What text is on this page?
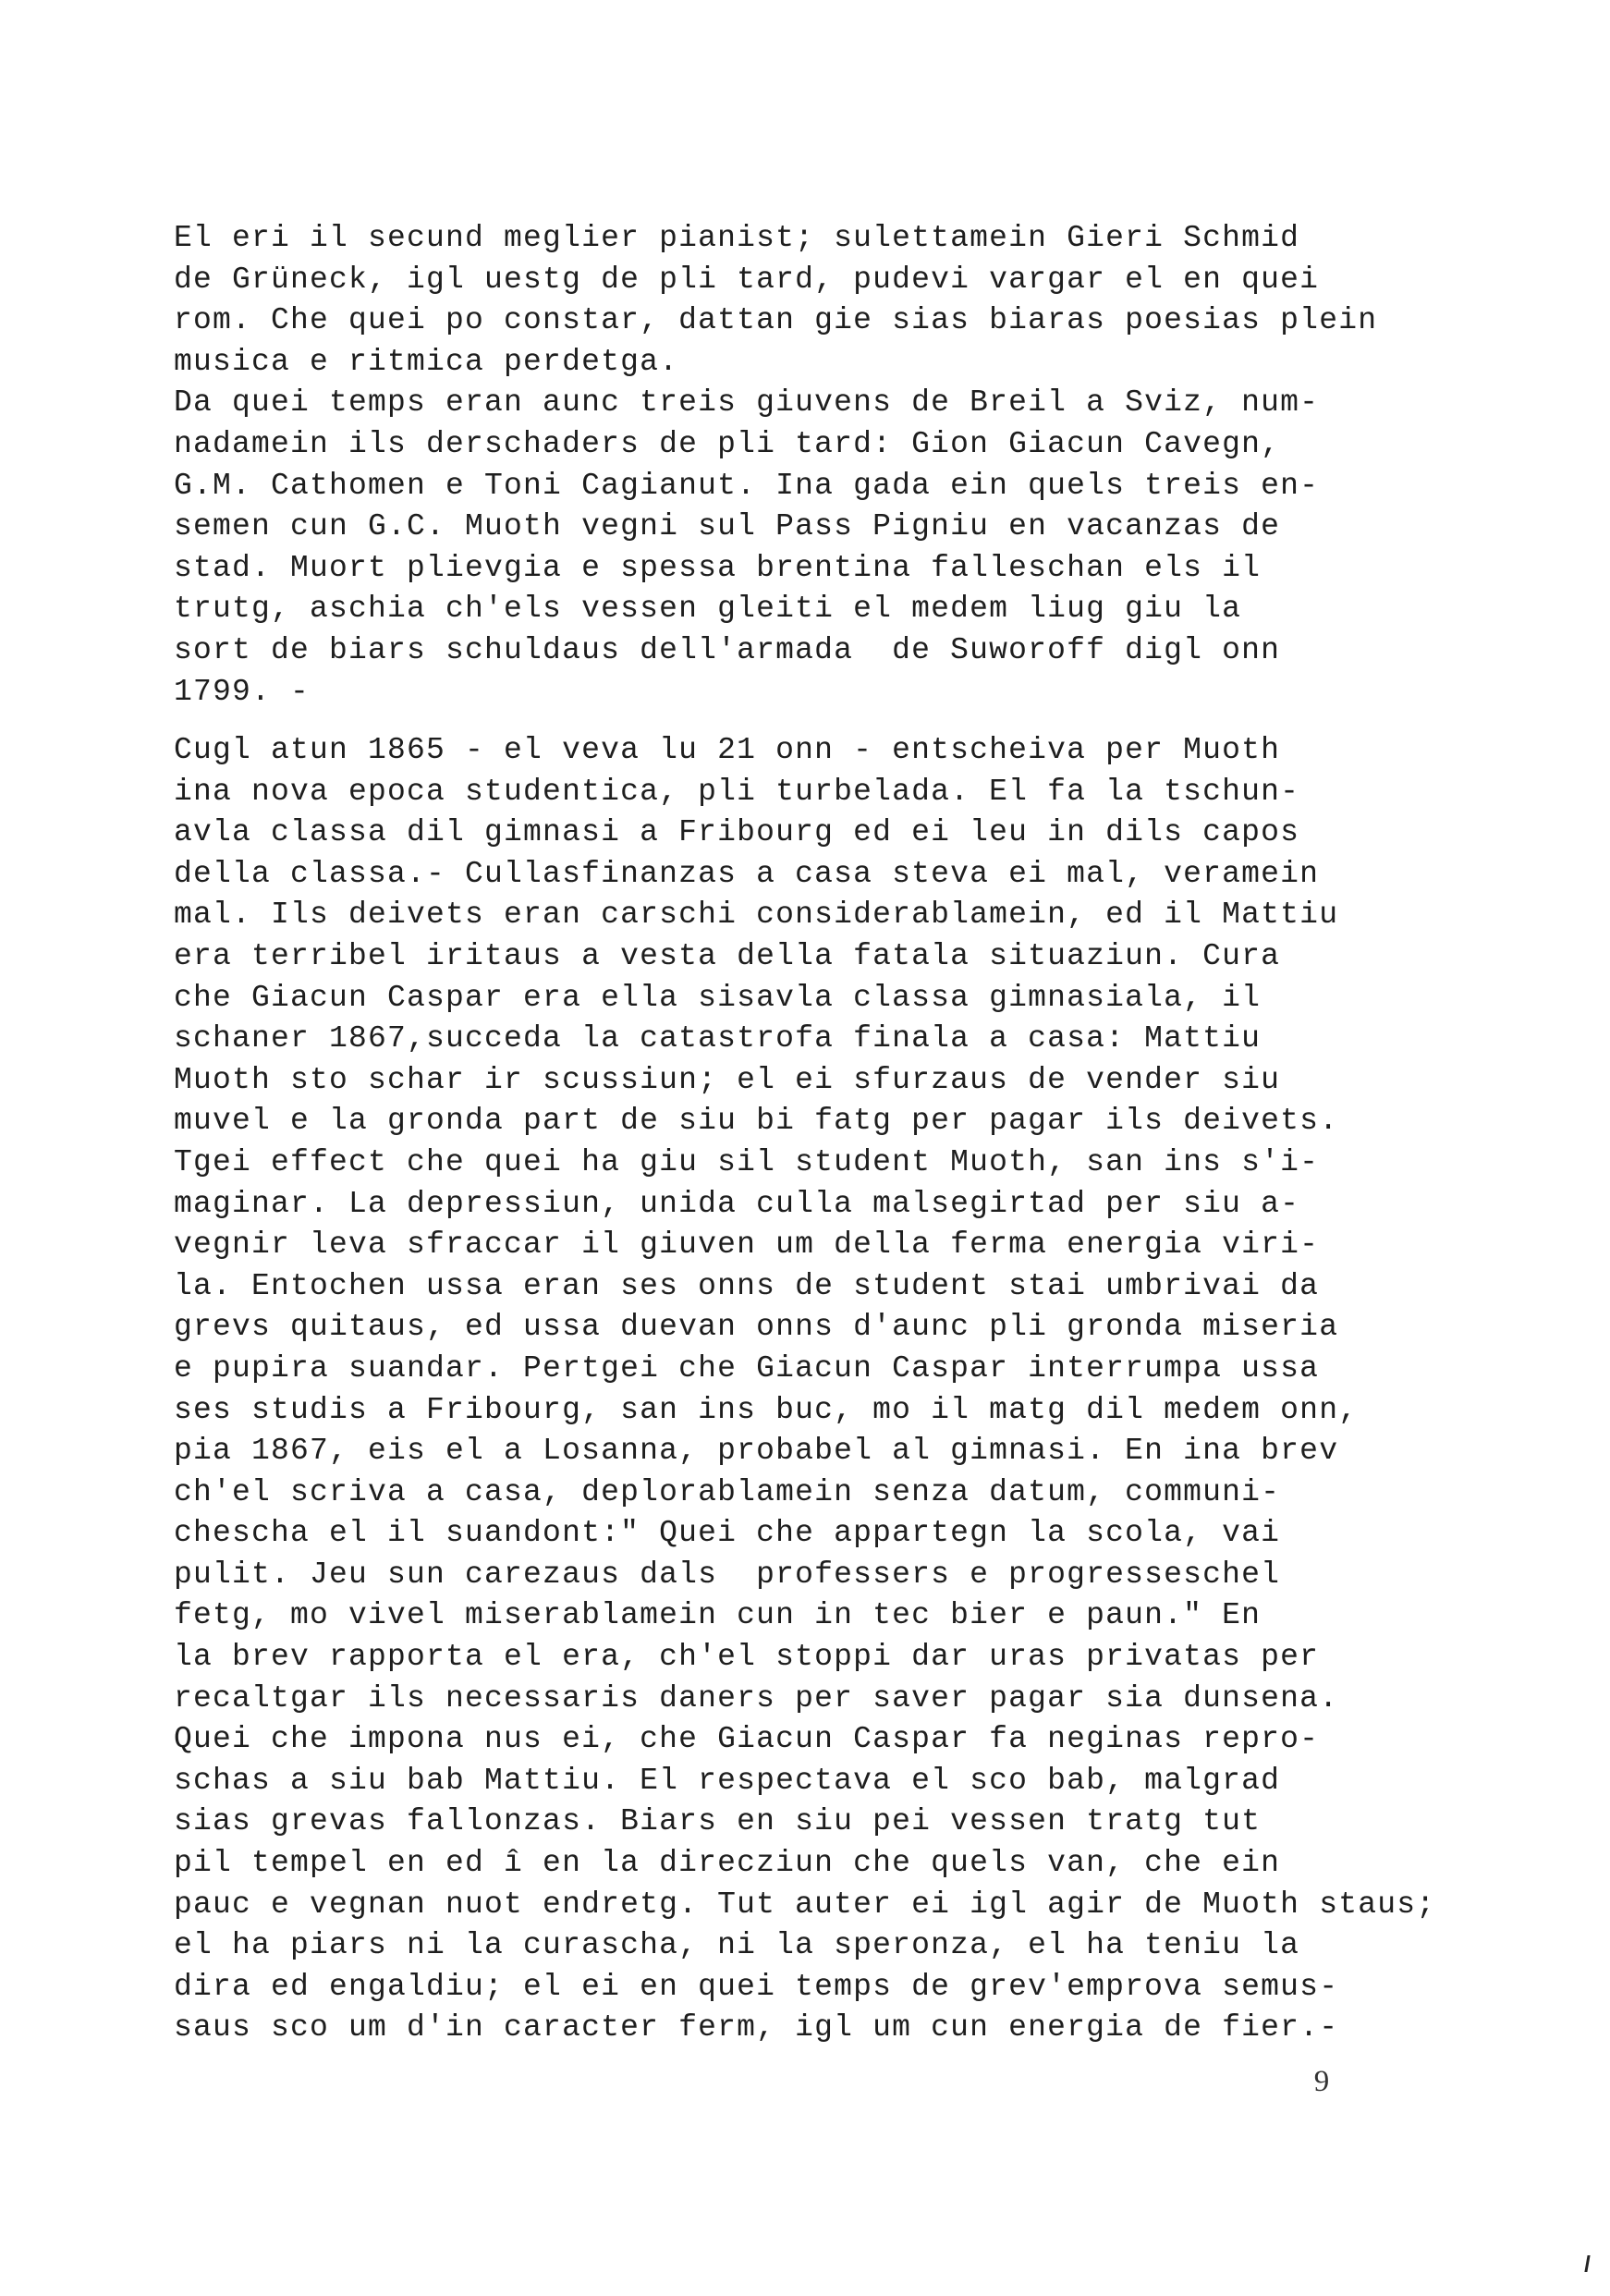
El eri il secund meglier pianist; sulettamein Gieri Schmid
de Grüneck, igl uestg de pli tard, pudevi vargar el en quei
rom. Che quei po constar, dattan gie sias biaras poesias plein
musica e ritmica perdetga.
Da quei temps eran aunc treis giuvens de Breil a Sviz, num-
nadamein ils derschaders de pli tard: Gion Giacun Cavegn,
G.M. Cathomen e Toni Cagianut. Ina gada ein quels treis en-
semen cun G.C. Muoth vegni sul Pass Pigniu en vacanzas de
stad. Muort plievgia e spessa brentina falleschan els il
trutg, aschia ch'els vessen gleiti el medem liug giu la
sort de biars schuldaus dell'armada  de Suworoff digl onn
1799. -
Cugl atun 1865 - el veva lu 21 onn - entscheiva per Muoth
ina nova epoca studentica, pli turbelada. El fa la tschun-
avla classa dil gimnasi a Fribourg ed ei leu in dils capos
della classa.- Cullasfinanzas a casa steva ei mal, veramein
mal. Ils deivets eran carschi considerablamein, ed il Mattiu
era terribel iritaus a vesta della fatala situaziun. Cura
che Giacun Caspar era ella sisavla classa gimnasiala, il
schaner 1867,succeda la catastrofa finala a casa: Mattiu
Muoth sto schar ir scussiun; el ei sfurzaus de vender siu
muvel e la gronda part de siu bi fatg per pagar ils deivets.
Tgei effect che quei ha giu sil student Muoth, san ins s'i-
maginar. La depressiun, unida culla malsegirtad per siu a-
vegnir leva sfraccar il giuven um della ferma energia viri-
la. Entochen ussa eran ses onns de student stai umbrivai da
grevs quitaus, ed ussa duevan onns d'aunc pli gronda miseria
e pupira suandar. Pertgei che Giacun Caspar interrumpa ussa
ses studis a Fribourg, san ins buc, mo il matg dil medem onn,
pia 1867, eis el a Losanna, probabel al gimnasi. En ina brev
ch'el scriva a casa, deplorablamein senza datum, communi-
chescha el il suandont:" Quei che appartegn la scola, vai
pulit. Jeu sun carezaus dals  professers e progresseschel
fetg, mo vivel miserablamein cun in tec bier e paun." En
la brev rapporta el era, ch'el stoppi dar uras privatas per
recaltgar ils necessaris daners per saver pagar sia dunsena.
Quei che impona nus ei, che Giacun Caspar fa neginas repro-
schas a siu bab Mattiu. El respectava el sco bab, malgrad
sias grevas fallonzas. Biars en siu pei vessen tratg tut
pil tempel en ed î en la direcziun che quels van, che ein
pauc e vegnan nuot endretg. Tut auter ei igl agir de Muoth staus;
el ha piars ni la curascha, ni la speronza, el ha teniu la
dira ed engaldiu; el ei en quei temps de grev'emprova semus-
saus sco um d'in caracter ferm, igl um cun energia de fier.-
9
